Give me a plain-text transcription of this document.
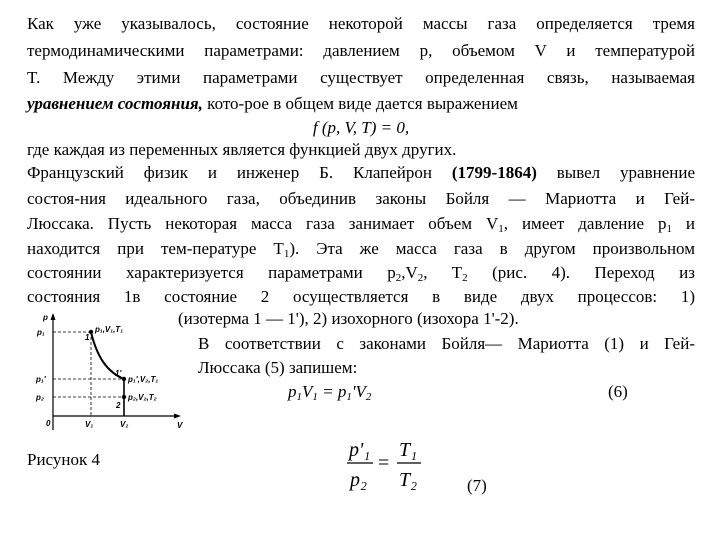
Как уже указывалось, состояние некоторой массы газа определяется тремя
термодинамическими параметрами: давлением p, объемом V и температурой
T. Между этими параметрами существует определенная связь, называемая
уравнением состояния, кото-рое в общем виде дается выражением
f (p, V, T) = 0,
где каждая из переменных является функцией двух других.
Французский физик и инженер Б. Клапейрон (1799-1864) вывел уравнение
состоя-ния идеального газа, объединив законы Бойля — Мариотта и Гей-
Люссака. Пусть некоторая масса газа занимает объем $V_1$, имеет давление $p_1$ и
находится при тем-пературе $T_1$). Эта же масса газа в другом произвольном
состоянии характеризуется параметрами $p_2,V_2$, $T_2$ (рис. 4). Переход из
состояния 1в состояние 2 осуществляется в виде двух процессов: 1)
(изотерма 1 — 1'), 2) изохорного (изохора 1'-2).
В соответствии с законами Бойля— Мариотта (1) и Гей-
Люссака (5) запишем:
$p_1V_1 = p_1'V_2$	(6)
p
V
p₁
p₁'
p₂
V₁	V₂
0
1
1'
2
p₁,V₁,T₁
p₁',V₂,T₁
p₂,V₂,T₂
Рисунок 4	p'₁
p₂
=
T₁
T₂	(7)
